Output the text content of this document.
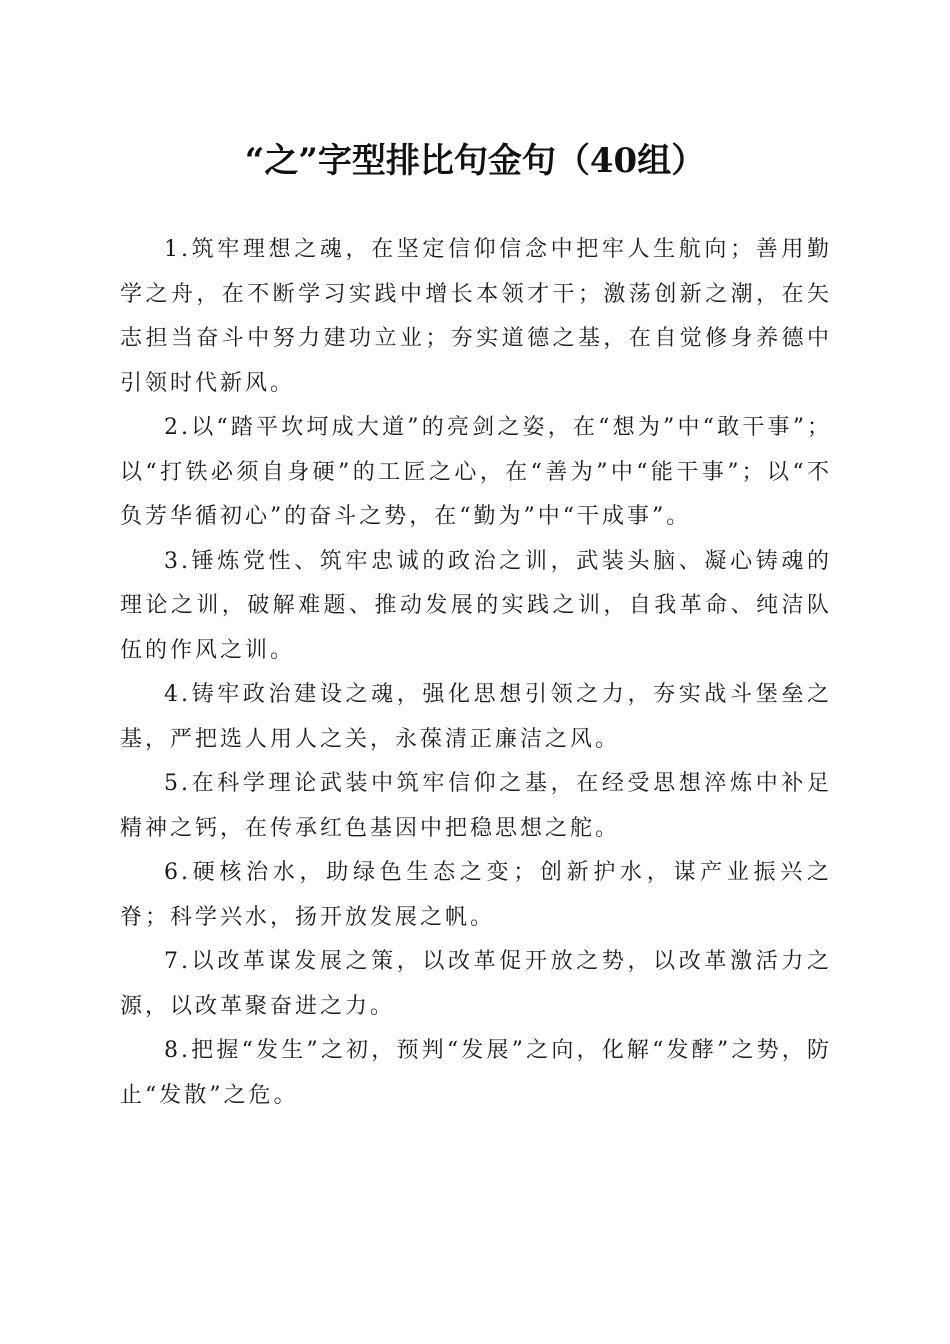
“之”字型排比句金句（40组）

1.筑牢理想之魂，在坚定信仰信念中把牢人生航向；善用勤学之舟，在不断学习实践中增长本领才干；激荡创新之潮，在矢志担当奋斗中努力建功立业；夯实道德之基，在自觉修身养德中引领时代新风。

2.以“踏平坎坷成大道”的亮剑之姿，在“想为”中“敢干事”；以“打铁必须自身硬”的工匠之心，在“善为”中“能干事”；以“不负芳华循初心”的奋斗之势，在“勤为”中“干成事”。

3.锤炼党性、筑牢忠诚的政治之训，武装头脑、凝心铸魂的理论之训，破解难题、推动发展的实践之训，自我革命、纯洁队伍的作风之训。

4.铸牢政治建设之魂，强化思想引领之力，夯实战斗堡垒之基，严把选人用人之关，永葆清正廉洁之风。

5.在科学理论武装中筑牢信仰之基，在经受思想淬炼中补足精神之钙，在传承红色基因中把稳思想之舵。

6.硬核治水，助绿色生态之变；创新护水，谋产业振兴之脊；科学兴水，扬开放发展之帆。

7.以改革谋发展之策，以改革促开放之势，以改革激活力之源，以改革聚奋进之力。

8.把握“发生”之初，预判“发展”之向，化解“发酵”之势，防止“发散”之危。
